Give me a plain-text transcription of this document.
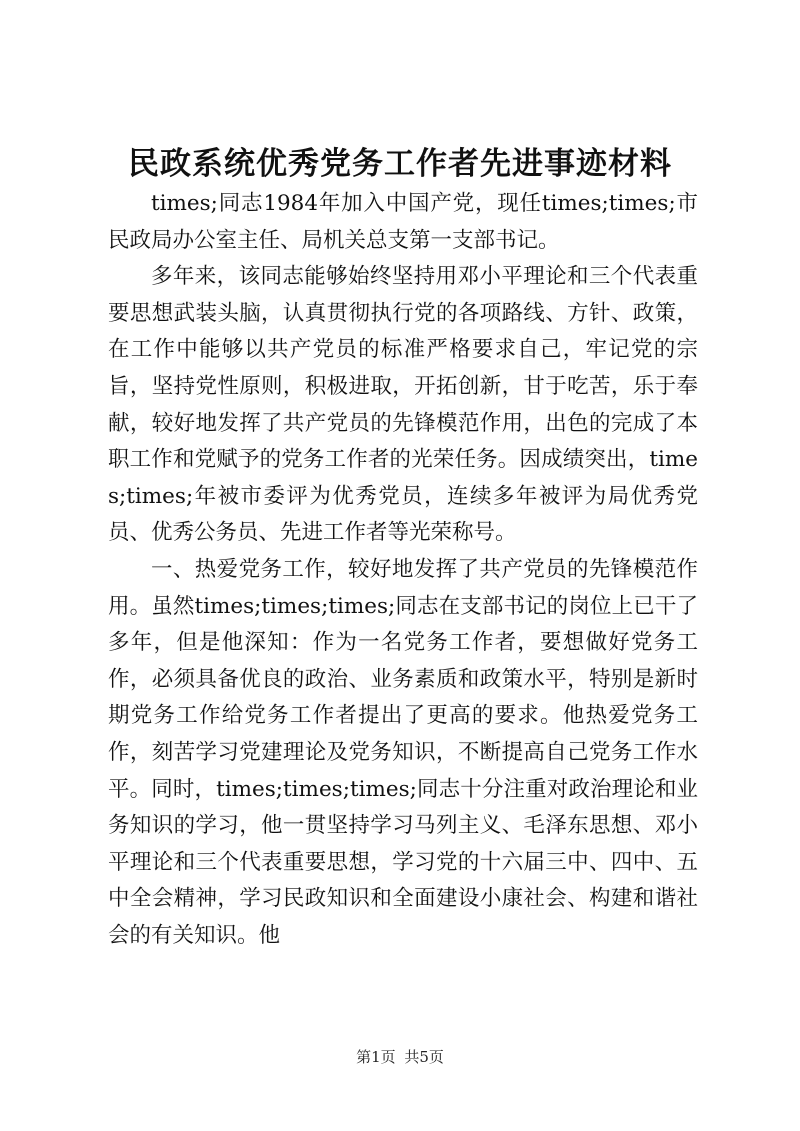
民政系统优秀党务工作者先进事迹材料

times;同志1984年加入中国产党，现任times;times;市民政局办公室主任、局机关总支第一支部书记。

多年来，该同志能够始终坚持用邓小平理论和三个代表重要思想武装头脑，认真贯彻执行党的各项路线、方针、政策，在工作中能够以共产党员的标准严格要求自己，牢记党的宗旨，坚持党性原则，积极进取，开拓创新，甘于吃苦，乐于奉献，较好地发挥了共产党员的先锋模范作用，出色的完成了本职工作和党赋予的党务工作者的光荣任务。因成绩突出，times;times;年被市委评为优秀党员，连续多年被评为局优秀党员、优秀公务员、先进工作者等光荣称号。

一、热爱党务工作，较好地发挥了共产党员的先锋模范作用。虽然times;times;times;同志在支部书记的岗位上已干了多年，但是他深知：作为一名党务工作者，要想做好党务工作，必须具备优良的政治、业务素质和政策水平，特别是新时期党务工作给党务工作者提出了更高的要求。他热爱党务工作，刻苦学习党建理论及党务知识，不断提高自己党务工作水平。同时，times;times;times;同志十分注重对政治理论和业务知识的学习，他一贯坚持学习马列主义、毛泽东思想、邓小平理论和三个代表重要思想，学习党的十六届三中、四中、五中全会精神，学习民政知识和全面建设小康社会、构建和谐社会的有关知识。他

第1页 共5页
